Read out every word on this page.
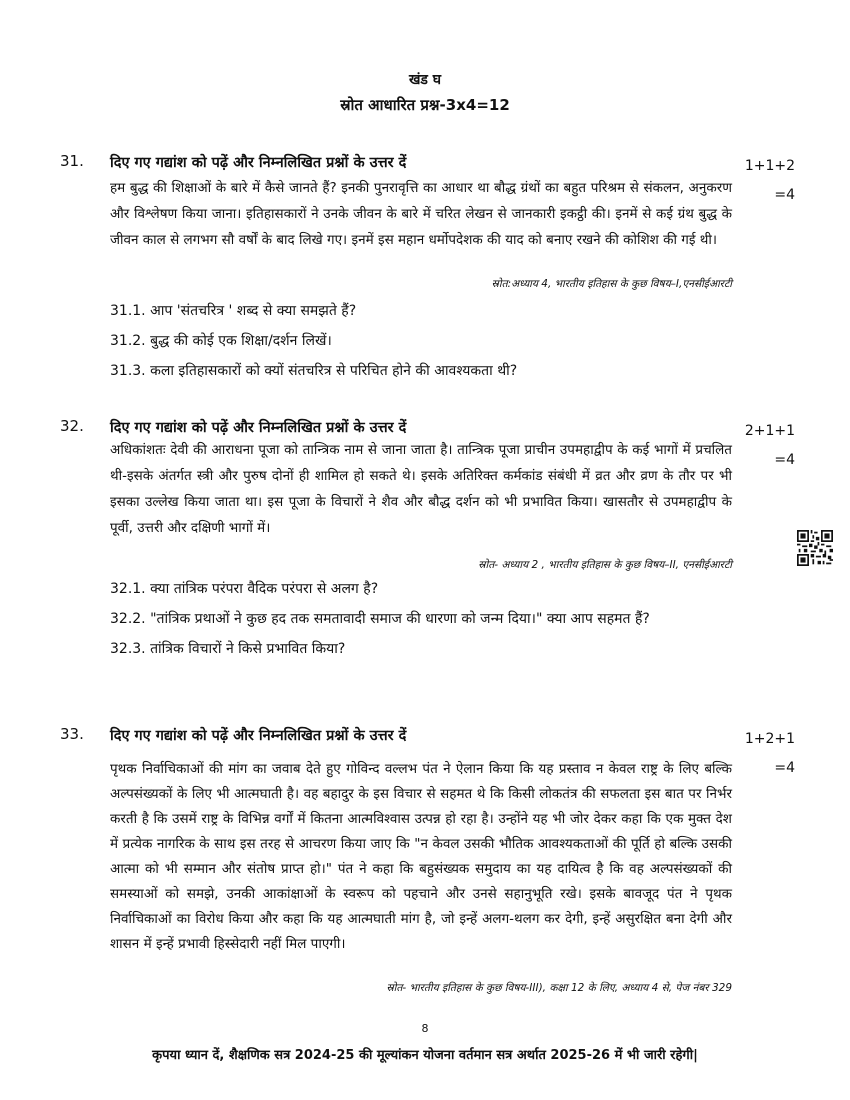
खंड घ
स्रोत आधारित प्रश्न-3x4=12
31. दिए गए गद्यांश को पढ़ें और निम्नलिखित प्रश्नों के उत्तर दें	1+1+2
=4
हम बुद्ध की शिक्षाओं के बारे में कैसे जानते हैं? इनकी पुनरावृत्ति का आधार था बौद्ध ग्रंथों का बहुत परिश्रम से संकलन, अनुकरण और विश्लेषण किया जाना। इतिहासकारों ने उनके जीवन के बारे में चरित लेखन से जानकारी इकट्ठी की। इनमें से कई ग्रंथ बुद्ध के जीवन काल से लगभग सौ वर्षों के बाद लिखे गए। इनमें इस महान धर्मोपदेशक की याद को बनाए रखने की कोशिश की गई थी।
स्रोत:अध्याय 4, भारतीय इतिहास के कुछ विषय–I,एनसीईआरटी
31.1. आप 'संतचरित्र ' शब्द से क्या समझते हैं?
31.2. बुद्ध की कोई एक शिक्षा/दर्शन लिखें।
31.3. कला इतिहासकारों को क्यों संतचरित्र से परिचित होने की आवश्यकता थी?
32. दिए गए गद्यांश को पढ़ें और निम्नलिखित प्रश्नों के उत्तर दें	2+1+1
=4
अधिकांशतः देवी की आराधना पूजा को तान्त्रिक नाम से जाना जाता है। तान्त्रिक पूजा प्राचीन उपमहाद्वीप के कई भागों में प्रचलित थी-इसके अंतर्गत स्त्री और पुरुष दोनों ही शामिल हो सकते थे। इसके अतिरिक्त कर्मकांड संबंधी में व्रत और व्रण के तौर पर भी इसका उल्लेख किया जाता था। इस पूजा के विचारों ने शैव और बौद्ध दर्शन को भी प्रभावित किया। खासतौर से उपमहाद्वीप के पूर्वी, उत्तरी और दक्षिणी भागों में।
स्रोत- अध्याय 2 , भारतीय इतिहास के कुछ विषय–II, एनसीईआरटी
32.1. क्या तांत्रिक परंपरा वैदिक परंपरा से अलग है?
32.2. "तांत्रिक प्रथाओं ने कुछ हद तक समतावादी समाज की धारणा को जन्म दिया।" क्या आप सहमत हैं?
32.3. तांत्रिक विचारों ने किसे प्रभावित किया?
33. दिए गए गद्यांश को पढ़ें और निम्नलिखित प्रश्नों के उत्तर दें	1+2+1
=4
पृथक निर्वाचिकाओं की मांग का जवाब देते हुए गोविन्द वल्लभ पंत ने ऐलान किया कि यह प्रस्ताव न केवल राष्ट्र के लिए बल्कि अल्पसंख्यकों के लिए भी आत्मघाती है। वह बहादुर के इस विचार से सहमत थे कि किसी लोकतंत्र की सफलता इस बात पर निर्भर करती है कि उसमें राष्ट्र के विभिन्न वर्गों में कितना आत्मविश्वास उत्पन्न हो रहा है। उन्होंने यह भी जोर देकर कहा कि एक मुक्त देश में प्रत्येक नागरिक के साथ इस तरह से आचरण किया जाए कि "न केवल उसकी भौतिक आवश्यकताओं की पूर्ति हो बल्कि उसकी आत्मा को भी सम्मान और संतोष प्राप्त हो।" पंत ने कहा कि बहुसंख्यक समुदाय का यह दायित्व है कि वह अल्पसंख्यकों की समस्याओं को समझे, उनकी आकांक्षाओं के स्वरूप को पहचाने और उनसे सहानुभूति रखे। इसके बावजूद पंत ने पृथक निर्वाचिकाओं का विरोध किया और कहा कि यह आत्मघाती मांग है, जो इन्हें अलग-थलग कर देगी, इन्हें असुरक्षित बना देगी और शासन में इन्हें प्रभावी हिस्सेदारी नहीं मिल पाएगी।
स्रोत- भारतीय इतिहास के कुछ विषय-III), कक्षा 12 के लिए, अध्याय 4 से, पेज नंबर 329
8
कृपया ध्यान दें, शैक्षणिक सत्र 2024-25 की मूल्यांकन योजना वर्तमान सत्र अर्थात 2025-26 में भी जारी रहेगी|
